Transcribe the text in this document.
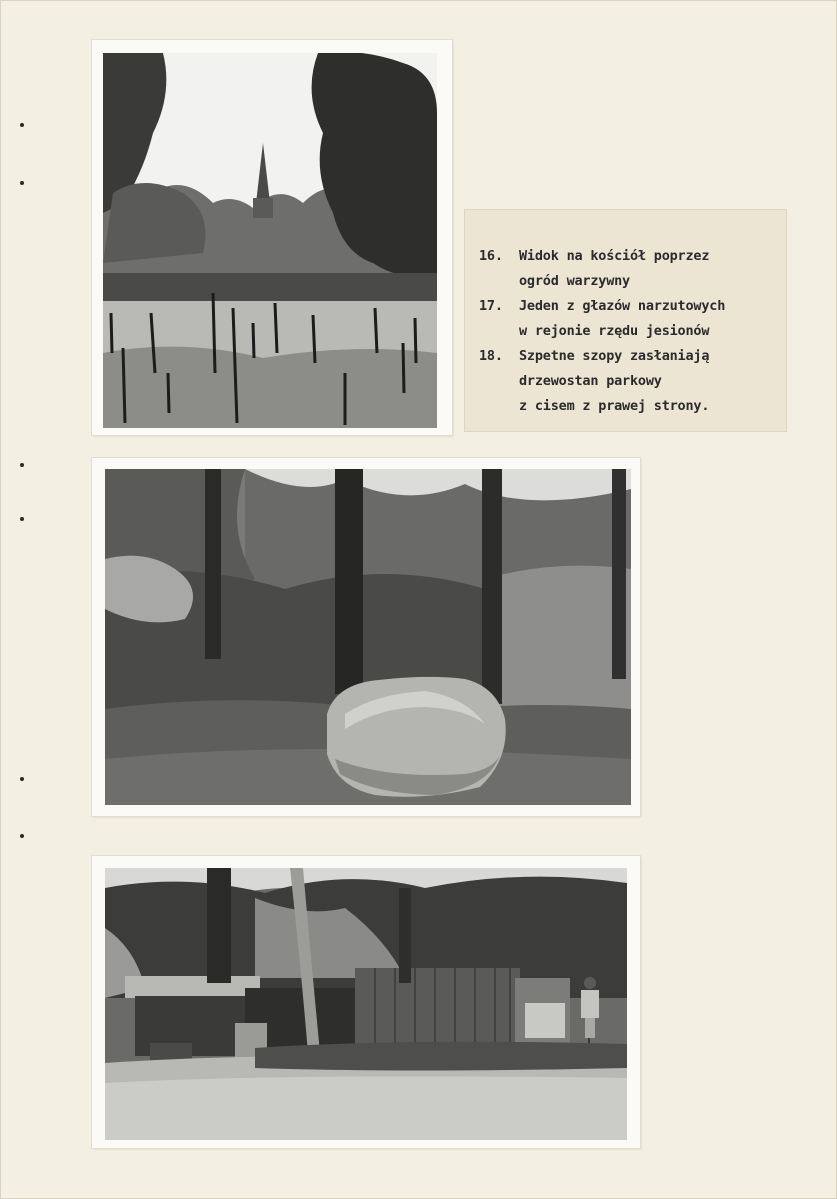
16.	Widok na kościół poprzez
ogród warzywny
17.	Jeden z głazów narzutowych
w rejonie rzędu jesionów
18.	Szpetne szopy zasłaniają
drzewostan parkowy
z cisem z prawej strony.
